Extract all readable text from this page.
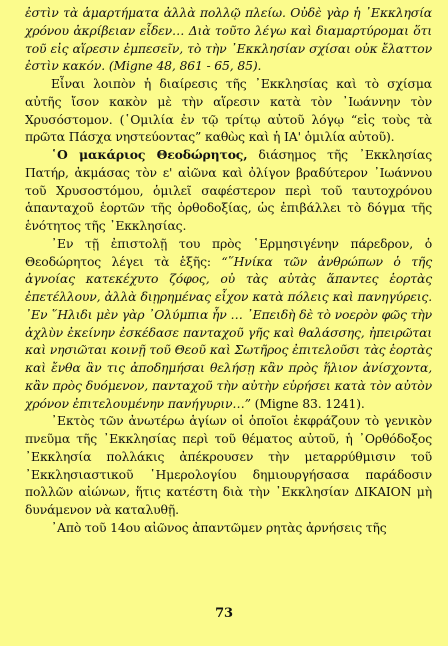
ἐστὶν τὰ ἁμαρτήματα ἀλλὰ πολλῷ πλείω. Οὐδὲ γὰρ ἡ ᾿Εκκλησία χρόνου ἀκρίβειαν εἶδεν… Διὰ τοῦτο λέγω καὶ διαμαρτύρομαι ὅτι τοῦ εἰς αἵρεσιν ἐμπεσεῖν, τὸ τὴν ᾿Εκκλησίαν σχίσαι οὐκ ἔλαττον ἐστὶν κακόν. (Migne 48, 861 - 65, 85).

Εἶναι λοιπὸν ἡ διαίρεσις τῆς ᾿Εκκλησίας καὶ τὸ σχίσμα αὐτῆς ἴσον κακὸν μὲ τὴν αἵρεσιν κατὰ τὸν ᾿Ιωάννην τὸν Χρυσόστομον. (῾Ομιλία ἐν τῷ τρίτῳ αὐτοῦ λόγῳ “εἰς τοὺς τὰ πρῶτα Πάσχα νηστεύοντας” καθὼς καὶ ἡ ΙΑ' ὁμιλία αὐτοῦ).

῾Ο μακάριος Θεοδώρητος, διάσημος τῆς ᾿Εκκλησίας Πατήρ, ἀκμάσας τὸν ε' αἰῶνα καὶ ὀλίγον βραδύτερον ᾿Ιωάννου τοῦ Χρυσοστόμου, ὁμιλεῖ σαφέστερον περὶ τοῦ ταυτοχρόνου ἁπανταχοῦ ἑορτῶν τῆς ὀρθοδοξίας, ὡς ἐπιβάλλει τὸ δόγμα τῆς ἑνότητος τῆς ᾿Εκκλησίας.

᾿Εν τῇ ἐπιστολῇ του πρὸς ῾Ερμησιγένην πάρεδρον, ὁ Θεοδώρητος λέγει τὰ ἑξῆς: “῞Ηνίκα τῶν ἀνθρώπων ὁ τῆς ἀγνοίας κατεκέχυτο ζόφος, οὐ τὰς αὐτὰς ἅπαντες ἑορτὰς ἐπετέλλουν, ἀλλὰ διῃρημένας εἶχον κατὰ πόλεις καὶ πανηγύρεις. ᾿Εν ῞Ηλιδι μὲν γὰρ ᾿Ολύμπια ἦν … ᾿Επειδὴ δὲ τὸ νοερὸν φῶς τὴν ἀχλὺν ἐκείνην ἐσκέδασε πανταχοῦ γῆς καὶ θαλάσσης, ἠπειρῶται καὶ νησιῶται κοινῇ τοῦ Θεοῦ καὶ Σωτῆρος ἐπιτελοῦσι τὰς ἑορτὰς καὶ ἔνθα ἂν τις ἀποδημήσαι θελήσῃ κἂν πρὸς ἥλιον ἀνίσχοντα, κἂν πρὸς δυόμενον, πανταχοῦ τὴν αὐτὴν εὑρήσει κατὰ τὸν αὐτὸν χρόνον ἐπιτελουμένην πανήγυριν…” (Migne 83. 1241).

᾿Εκτὸς τῶν ἀνωτέρω ἁγίων οἱ ὁποῖοι ἐκφράζουν τὸ γενικὸν πνεῦμα τῆς ᾿Εκκλησίας περὶ τοῦ θέματος αὐτοῦ, ἡ ᾿Ορθόδοξος ᾿Εκκλησία πολλάκις ἀπέκρουσεν τὴν μεταρρύθμισιν τοῦ ᾿Εκκλησιαστικοῦ ῾Ημερολογίου δημιουργήσασα παράδοσιν πολλῶν αἰώνων, ἥτις κατέστη διὰ τὴν ᾿Εκκλησίαν ΔΙΚΑΙΟΝ μὴ δυνάμενον νὰ καταλυθῇ.

᾿Απὸ τοῦ 14ου αἰῶνος ἀπαντῶμεν ρητὰς ἀρνήσεις τῆς

73
